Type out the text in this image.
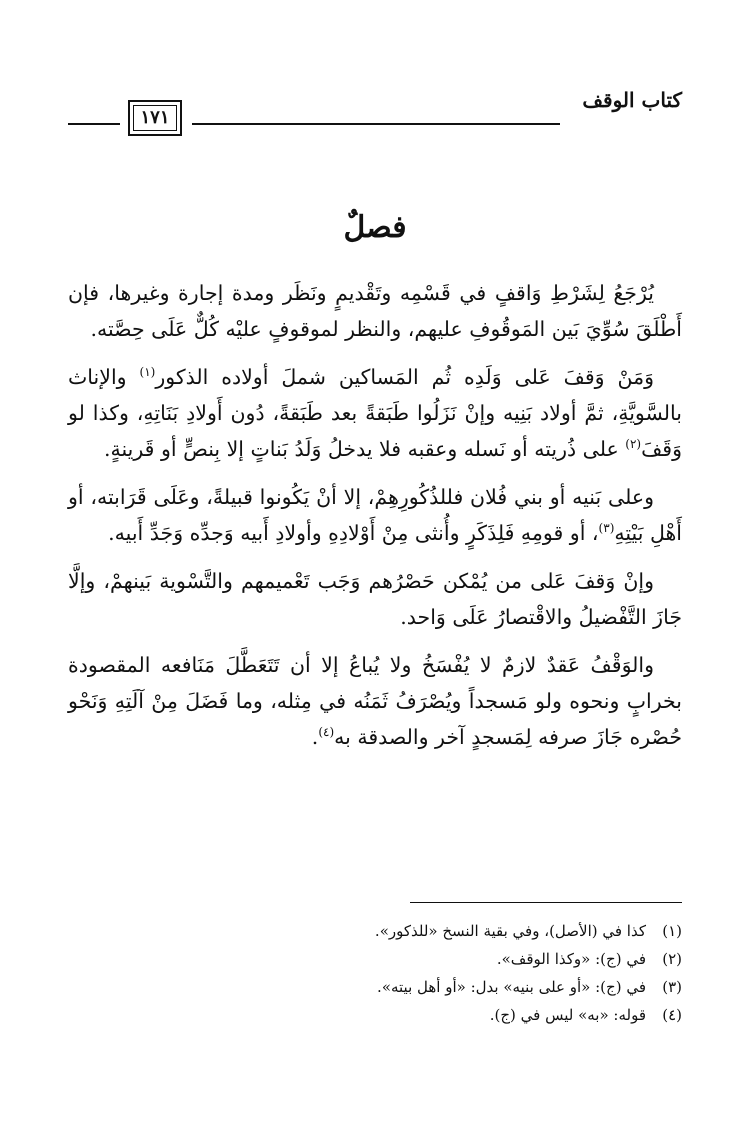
كتاب الوقف
١٧١
فصلٌ

يُرْجَعُ لِشَرْطِ وَاقفٍ في قَسْمِه وتَقْديمٍ ونَظَر ومدة إجارة وغيرها، فإن أَطْلَقَ سُوِّيَ بَين المَوقُوفِ عليهم، والنظر لموقوفٍ عليْه كُلٌّ عَلَى حِصَّته.

وَمَنْ وَقفَ عَلى وَلَدِه ثُم المَساكين شملَ أولاده الذكور$^{(١)}$ والإناث بالسَّويَّةِ، ثمَّ أولاد بَنِيه وإنْ نَزَلُوا طَبَقةً بعد طَبَقةً، دُون أَولادِ بَنَاتِهِ، وكذا لو وَقَفَ$^{(٢)}$ على ذُريته أو نَسله وعقبه فلا يدخلُ وَلَدُ بَناتٍ إلا بِنصٍّ أو قَرينةٍ.

وعلى بَنيه أو بني فُلان فللذُكُورِهِمْ، إلا أنْ يَكُونوا قبيلةً، وعَلَى قَرَابته، أو أَهْلِ بَيْتِهِ$^{(٣)}$، أو قومِهِ فَلِذَكَرٍ وأُنثى مِنْ أَوْلادِهِ وأولادِ أَبيه وَجدِّه وَجَدِّ أَبيه.

وإنْ وَقفَ عَلى من يُمْكن حَصْرُهم وَجَب تَعْميمهم والتَّسْوية بَينهمْ، وإلَّا جَازَ التَّفْضيلُ والاقْتصارُ عَلَى وَاحد.

والوَقْفُ عَقدٌ لازمٌ لا يُفْسَخُ ولا يُباعُ إلا أن تَتَعَطَّلَ مَنَافعه المقصودة بخرابٍ ونحوه ولو مَسجداً ويُصْرَفُ ثَمَنُه في مِثله، وما فَضَلَ مِنْ آلَتِهِ وَنَحْو حُصْره جَازَ صرفه لِمَسجدٍ آخر والصدقة به$^{(٤)}$.

(١)
كذا في (الأصل)، وفي بقية النسخ «للذكور».
(٢)
في (ج): «وكذا الوقف».
(٣)
في (ج): «أو على بنيه» بدل: «أو أهل بيته».
(٤)
قوله: «به» ليس في (ج).
